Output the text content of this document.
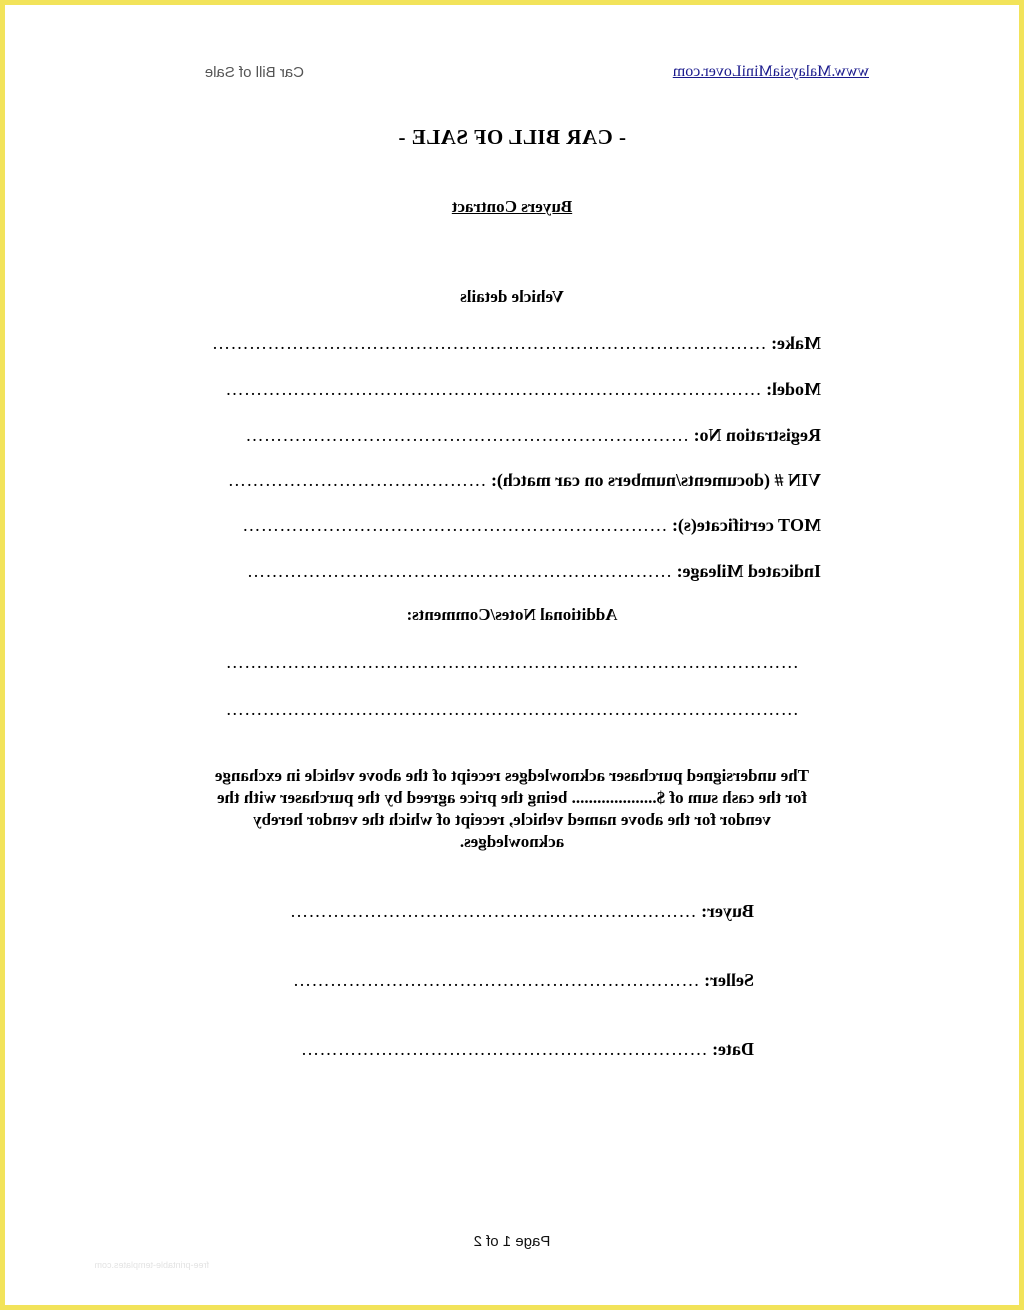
www.MalaysiaMiniLover.com
Car Bill of Sale
- CAR BILL OF SALE -
Buyers Contract
Vehicle details
Make: ………………………………………………………………………………
Model: ……………………………………………………………………………
Registration No: ………………………………………………………………
VIN # (documents/numbers on car match): ……………………………………
MOT certificate(s): ……………………………………………………………
Indicated Mileage: ……………………………………………………………
Additional Notes/Comments:
…………………………………………………………………………………
…………………………………………………………………………………
The undersigned purchaser acknowledges receipt of the above vehicle in exchange
for the cash sum of $.................... being the price agreed by the purchaser with the
vendor for the above named vehicle, receipt of which the vendor hereby
acknowledges.
Buyer: …………………………………………………………
Seller: …………………………………………………………
Date: …………………………………………………………
Page 1 of 2
free-printable-templates.com
